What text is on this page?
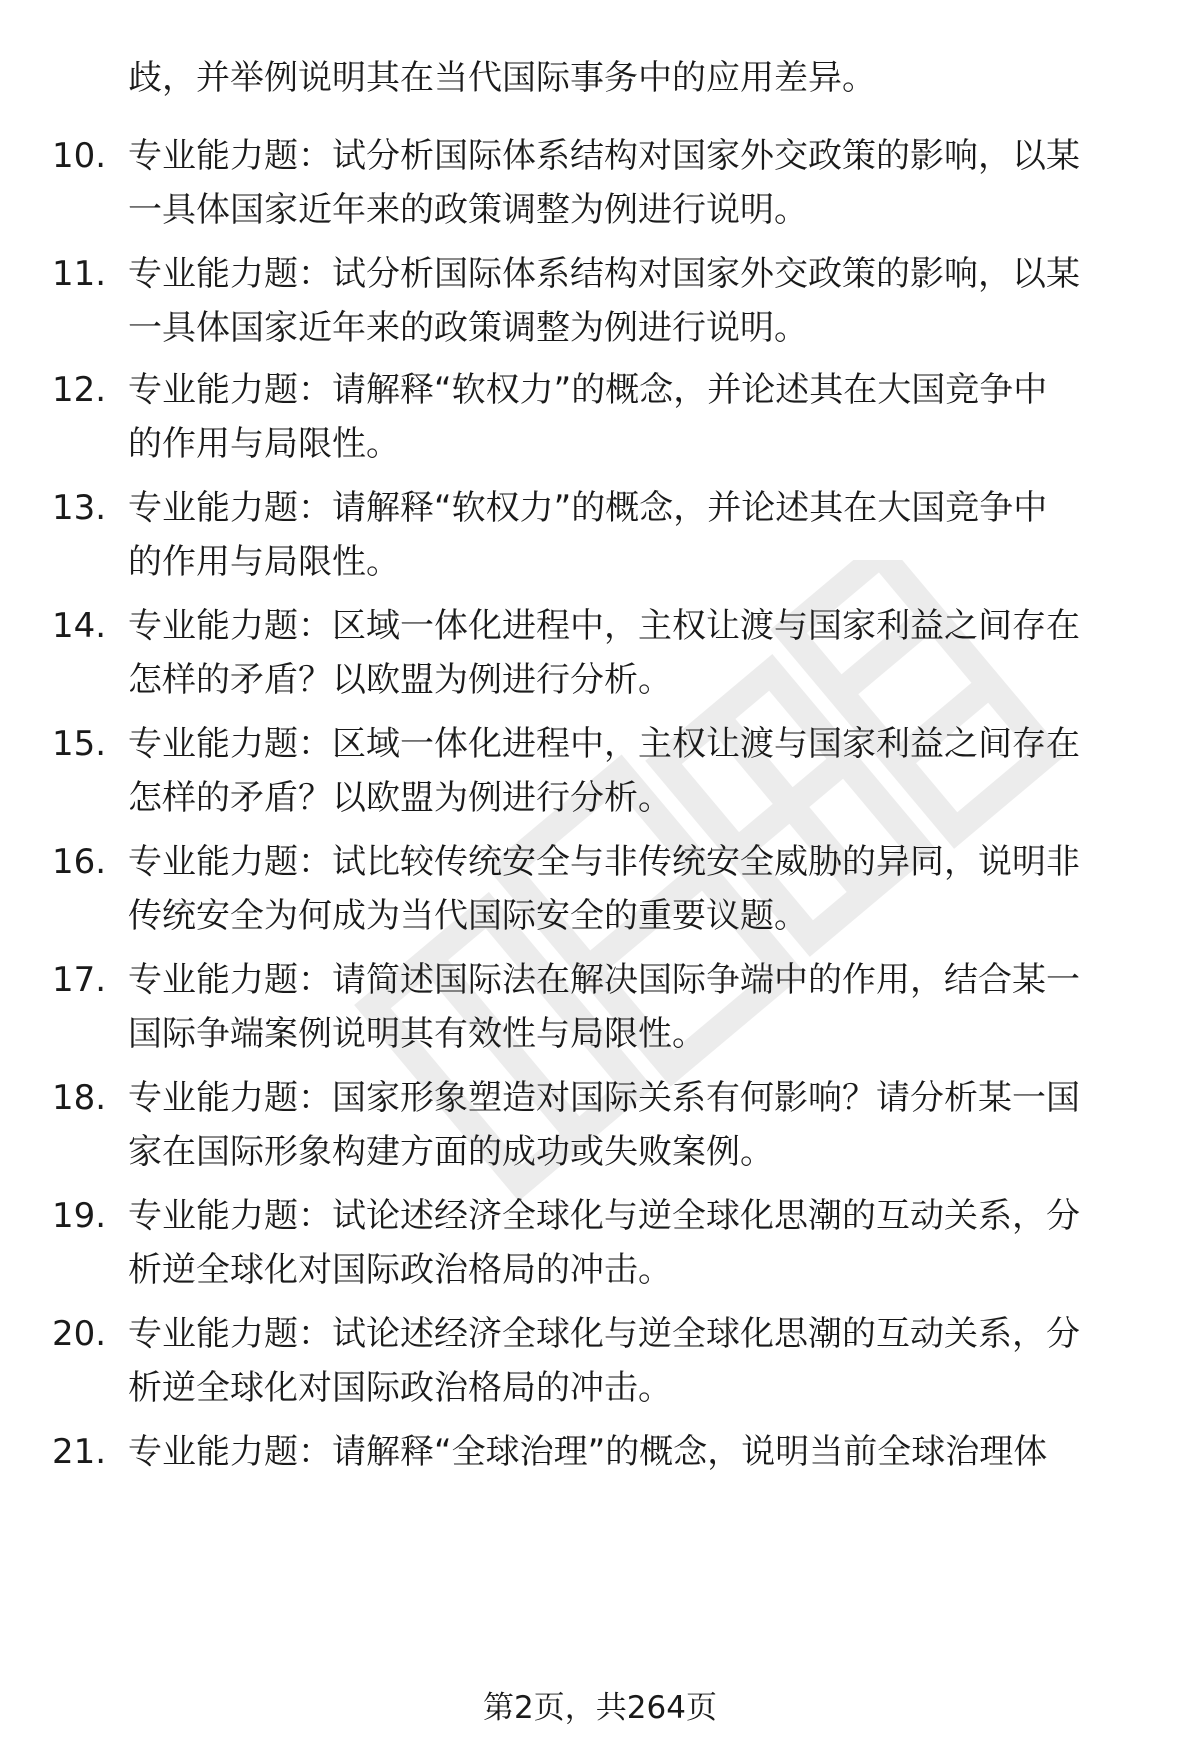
歧，并举例说明其在当代国际事务中的应用差异。
10. 专业能力题：试分析国际体系结构对国家外交政策的影响，以某
一具体国家近年来的政策调整为例进行说明。
11. 专业能力题：试分析国际体系结构对国家外交政策的影响，以某
一具体国家近年来的政策调整为例进行说明。
12. 专业能力题：请解释“软权力”的概念，并论述其在大国竞争中
的作用与局限性。
13. 专业能力题：请解释“软权力”的概念，并论述其在大国竞争中
的作用与局限性。
14. 专业能力题：区域一体化进程中，主权让渡与国家利益之间存在
怎样的矛盾？以欧盟为例进行分析。
15. 专业能力题：区域一体化进程中，主权让渡与国家利益之间存在
怎样的矛盾？以欧盟为例进行分析。
16. 专业能力题：试比较传统安全与非传统安全威胁的异同，说明非
传统安全为何成为当代国际安全的重要议题。
17. 专业能力题：请简述国际法在解决国际争端中的作用，结合某一
国际争端案例说明其有效性与局限性。
18. 专业能力题：国家形象塑造对国际关系有何影响？请分析某一国
家在国际形象构建方面的成功或失败案例。
19. 专业能力题：试论述经济全球化与逆全球化思潮的互动关系，分
析逆全球化对国际政治格局的冲击。
20. 专业能力题：试论述经济全球化与逆全球化思潮的互动关系，分
析逆全球化对国际政治格局的冲击。
21. 专业能力题：请解释“全球治理”的概念，说明当前全球治理体
第2页，共264页
